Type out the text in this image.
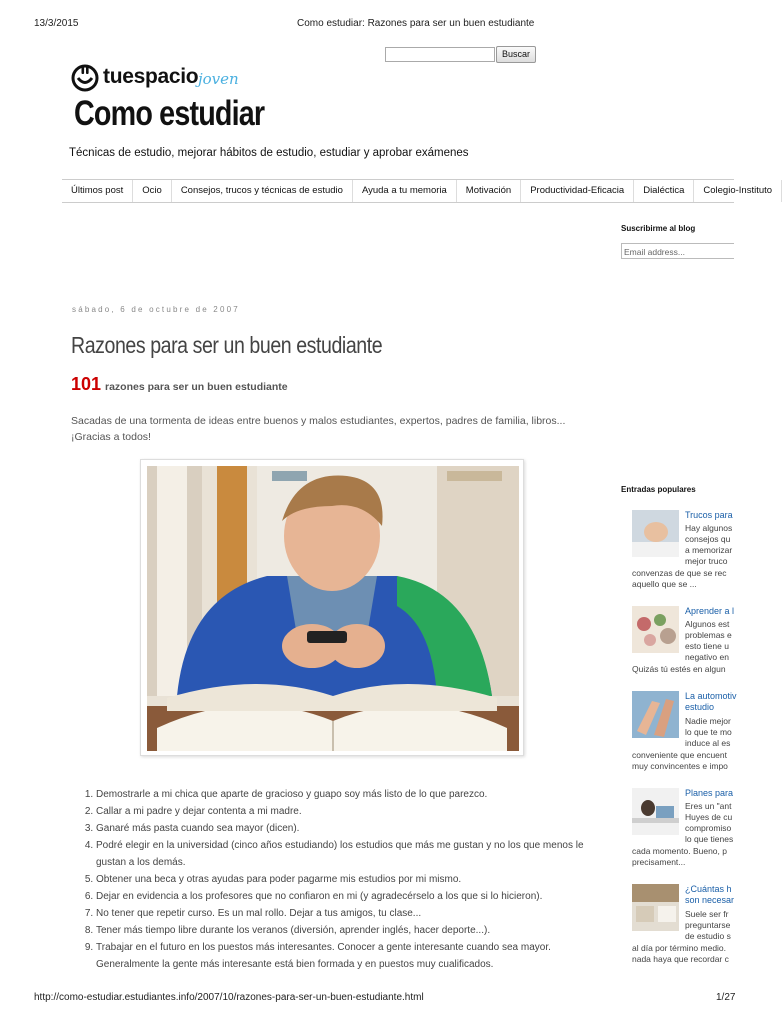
13/3/2015	Como estudiar: Razones para ser un buen estudiante
http://como-estudiar.estudiantes.info/2007/10/razones-para-ser-un-buen-estudiante.html	1/27
Buscar
tuespacio joven
Como estudiar
Técnicas de estudio, mejorar hábitos de estudio, estudiar y aprobar exámenes
Últimos post	Ocio	Consejos, trucos y técnicas de estudio	Ayuda a tu memoria	Motivación	Productividad-Eficacia	Dialéctica	Colegio-Instituto
Suscribirme al blog
Email address...
sábado, 6 de octubre de 2007
Razones para ser un buen estudiante
101 razones para ser un buen estudiante
Sacadas de una tormenta de ideas entre buenos y malos estudiantes, expertos, padres de familia, libros...
¡Gracias a todos!
1. Demostrarle a mi chica que aparte de gracioso y guapo soy más listo de lo que parezco.
2. Callar a mi padre y dejar contenta a mi madre.
3. Ganaré más pasta cuando sea mayor (dicen).
4. Podré elegir en la universidad (cinco años estudiando) los estudios que más me gustan y no los que menos le gustan a los demás.
5. Obtener una beca y otras ayudas para poder pagarme mis estudios por mi mismo.
6. Dejar en evidencia a los profesores que no confiaron en mi (y agradecérselo a los que si lo hicieron).
7. No tener que repetir curso. Es un mal rollo. Dejar a tus amigos, tu clase...
8. Tener más tiempo libre durante los veranos (diversión, aprender inglés, hacer deporte...).
9. Trabajar en el futuro en los puestos más interesantes. Conocer a gente interesante cuando sea mayor. Generalmente la gente más interesante está bien formada y en puestos muy cualificados.
Entradas populares
Trucos para
Hay algunos
consejos qu
a memorizar
mejor truco
convenzas de que se rec
aquello que se ...
Aprender a l
Algunos est
problemas e
esto tiene u
negativo en
Quizás tú estés en algun
La automotiv
estudio
Nadie mejor
lo que te mo
induce al es
conveniente que encuent
muy convincentes e impo
Planes para
Eres un "ant
Huyes de cu
compromiso
lo que tienes
cada momento. Bueno, p
precisament...
¿Cuántas h
son necesar
Suele ser fr
preguntarse
de estudio s
al día por término medio.
nada haya que recordar c
